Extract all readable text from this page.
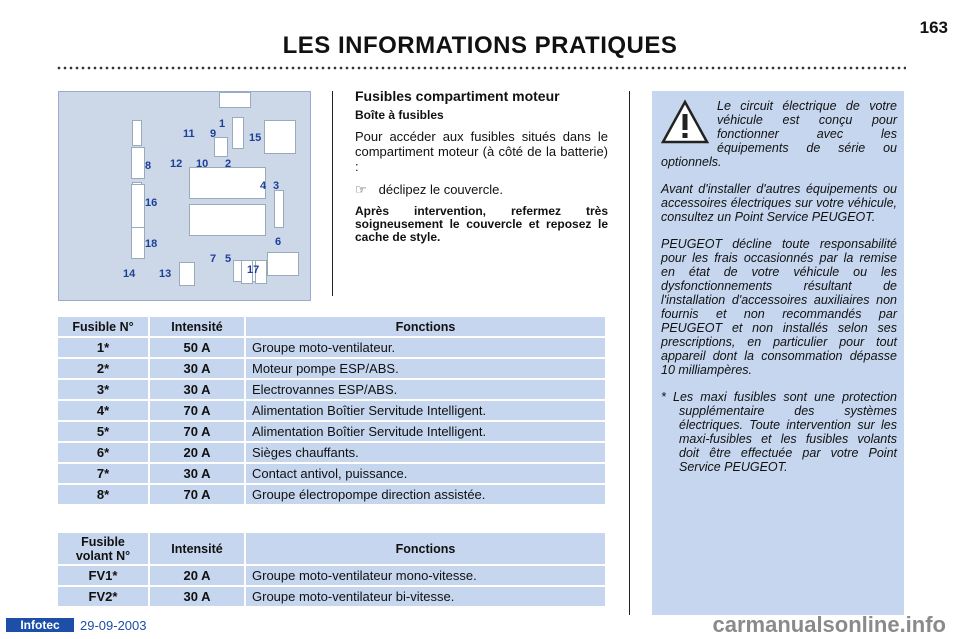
163
LES INFORMATIONS PRATIQUES
1
11 9	15
12 10 2
8
4 3
16
6
18
7 5
17
14 13
Fusibles compartiment moteur
Boîte à fusibles

Pour accéder aux fusibles situés dans le compartiment moteur (à côté de la batterie) :

☞ déclipez le couvercle.

Après intervention, refermez très soigneusement le couvercle et reposez le cache de style.

Le circuit électrique de votre véhicule est conçu pour fonctionner avec les équipements de série ou optionnels.

Avant d'installer d'autres équipements ou accessoires électriques sur votre véhicule, consultez un Point Service PEUGEOT.

PEUGEOT décline toute responsabilité pour les frais occasionnés par la remise en état de votre véhicule ou les dysfonctionnements résultant de l'installation d'accessoires auxiliaires non fournis et non recommandés par PEUGEOT et non installés selon ses prescriptions, en particulier pour tout appareil dont la consommation dépasse 10 milliampères.

* Les maxi fusibles sont une protection supplémentaire des systèmes électriques. Toute intervention sur les maxi-fusibles et les fusibles volants doit être effectuée par votre Point Service PEUGEOT.

Fusible N°	Intensité	Fonctions
1*	50 A	Groupe moto-ventilateur.
2*	30 A	Moteur pompe ESP/ABS.
3*	30 A	Electrovannes ESP/ABS.
4*	70 A	Alimentation Boîtier Servitude Intelligent.
5*	70 A	Alimentation Boîtier Servitude Intelligent.
6*	20 A	Sièges chauffants.
7*	30 A	Contact antivol, puissance.
8*	70 A	Groupe électropompe direction assistée.
Fusible volant N°	Intensité	Fonctions
FV1*	20 A	Groupe moto-ventilateur mono-vitesse.
FV2*	30 A	Groupe moto-ventilateur bi-vitesse.
Infotec	29-09-2003	carmanualsonline.info
